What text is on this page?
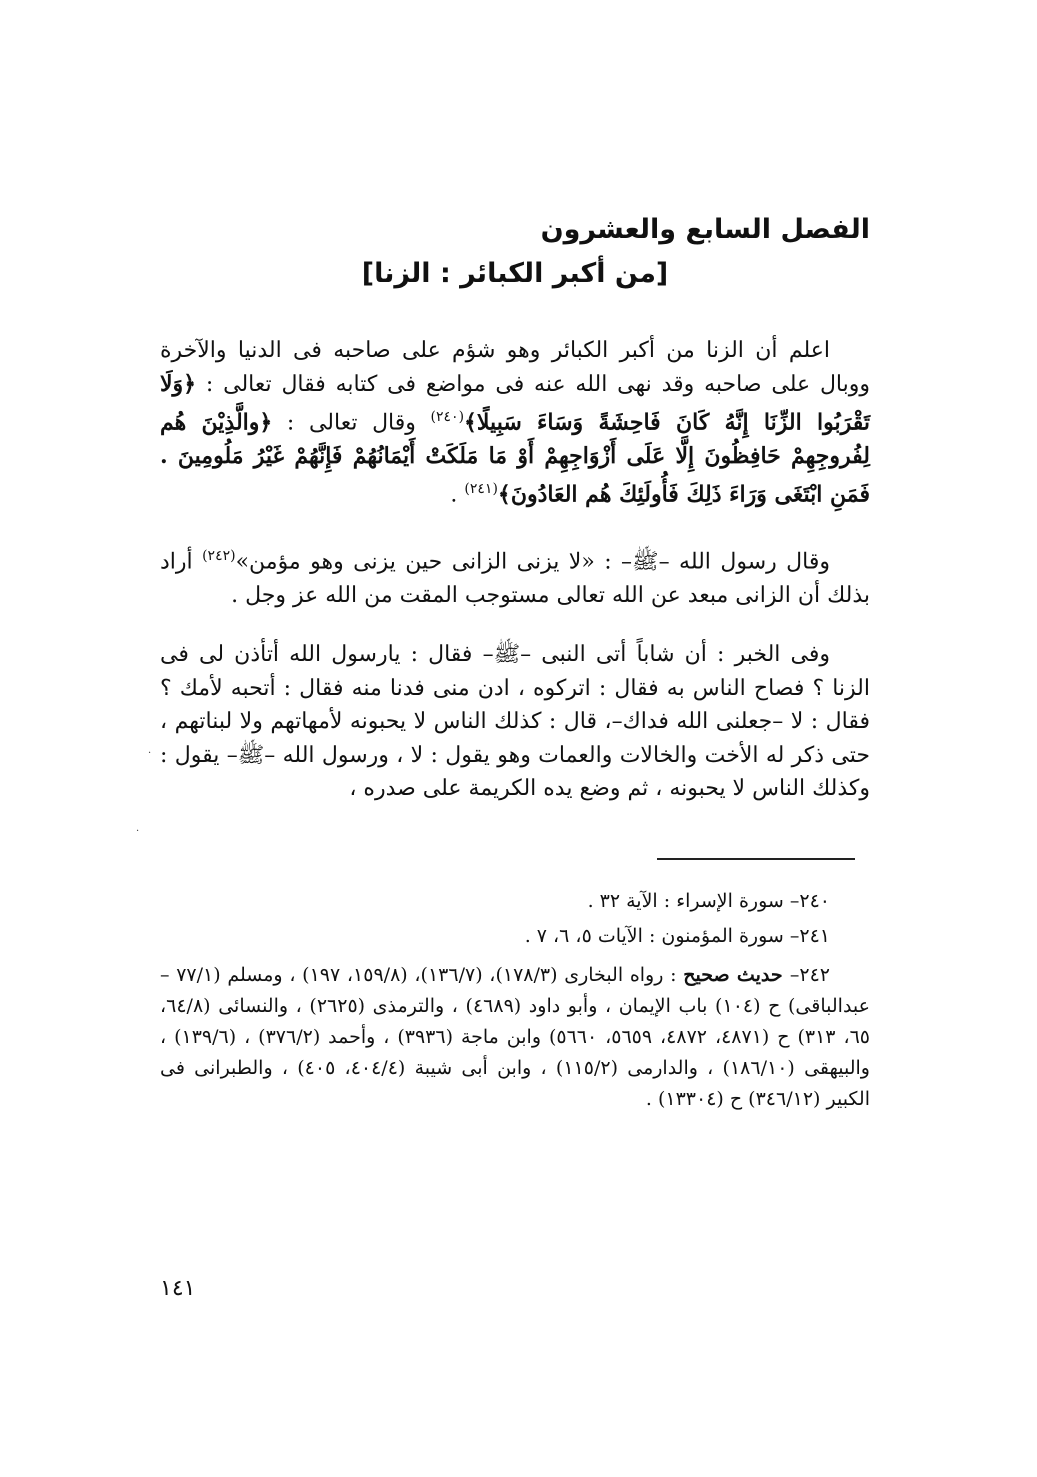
الفصل السابع والعشرون
[من أكبر الكبائر : الزنا]

اعلم أن الزنا من أكبر الكبائر وهو شؤم على صاحبه فى الدنيا والآخرة ووبال على صاحبه وقد نهى الله عنه فى مواضع فى كتابه فقال تعالى : ﴿وَلَا تَقْرَبُوا الزِّنَا إِنَّهُ كَانَ فَاحِشَةً وَسَاءَ سَبِيلًا﴾$^{(٢٤٠)}$ وقال تعالى : ﴿والَّذِيْنَ هُم لِفُروجِهِمْ حَافِظُونَ إِلَّا عَلَى أَزْوَاجِهِمْ أَوْ مَا مَلَكَتْ أَيْمَانُهُمْ فَإِنَّهُمْ غَيْرُ مَلُومِينَ . فَمَنِ ابْتَغَى وَرَاءَ ذَلِكَ فَأُولَئِكَ هُم العَادُونَ﴾$^{(٢٤١)}$ .

وقال رسول الله –ﷺ– : «لا يزنى الزانى حين يزنى وهو مؤمن»$^{(٢٤٢)}$ أراد بذلك أن الزانى مبعد عن الله تعالى مستوجب المقت من الله عز وجل .

وفى الخبر : أن شاباً أتى النبى –ﷺ– فقال : يارسول الله أتأذن لى فى الزنا ؟ فصاح الناس به فقال : اتركوه ، ادن منى فدنا منه فقال : أتحبه لأمك ؟ فقال : لا –جعلنى الله فداك–، قال : كذلك الناس لا يحبونه لأمهاتهم ولا لبناتهم ، حتى ذكر له الأخت والخالات والعمات وهو يقول : لا ، ورسول الله –ﷺ– يقول : وكذلك الناس لا يحبونه ، ثم وضع يده الكريمة على صدره ،

·
·

٢٤٠– سورة الإسراء : الآية ٣٢ .

٢٤١– سورة المؤمنون : الآيات ٥، ٦، ٧ .

٢٤٢– حديث صحيح : رواه البخارى (١٧٨/٣)، (١٣٦/٧)، (١٥٩/٨، ١٩٧) ، ومسلم (٧٧/١ – عبدالباقى) ح (١٠٤) باب الإيمان ، وأبو داود (٤٦٨٩) ، والترمذى (٢٦٢٥) ، والنسائى (٦٤/٨، ٦٥، ٣١٣) ح (٤٨٧١، ٤٨٧٢، ٥٦٥٩، ٥٦٦٠) وابن ماجة (٣٩٣٦) ، وأحمد (٣٧٦/٢) ، (١٣٩/٦) ، والبيهقى (١٨٦/١٠) ، والدارمى (١١٥/٢) ، وابن أبى شيبة (٤٠٤/٤، ٤٠٥) ، والطبرانى فى الكبير (٣٤٦/١٢) ح (١٣٣٠٤) .

١٤١
